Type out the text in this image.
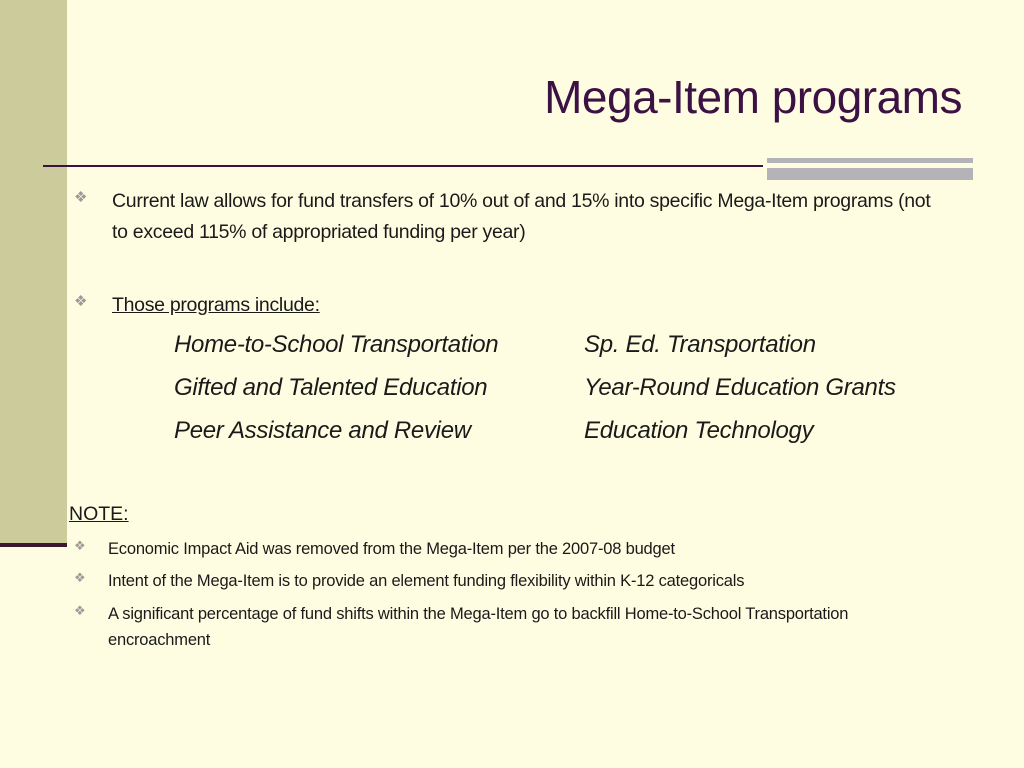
Mega-Item programs
❖ Current law allows for fund transfers of 10% out of and 15% into specific Mega-Item programs (not to exceed 115% of appropriated funding per year)
❖ Those programs include:
Home-to-School Transportation	Sp. Ed. Transportation
Gifted and Talented Education	Year-Round Education Grants
Peer Assistance and Review	Education Technology
NOTE:
❖ Economic Impact Aid was removed from the Mega-Item per the 2007-08 budget
❖ Intent of the Mega-Item is to provide an element funding flexibility within K-12 categoricals
❖ A significant percentage of fund shifts within the Mega-Item go to backfill Home-to-School Transportation encroachment
